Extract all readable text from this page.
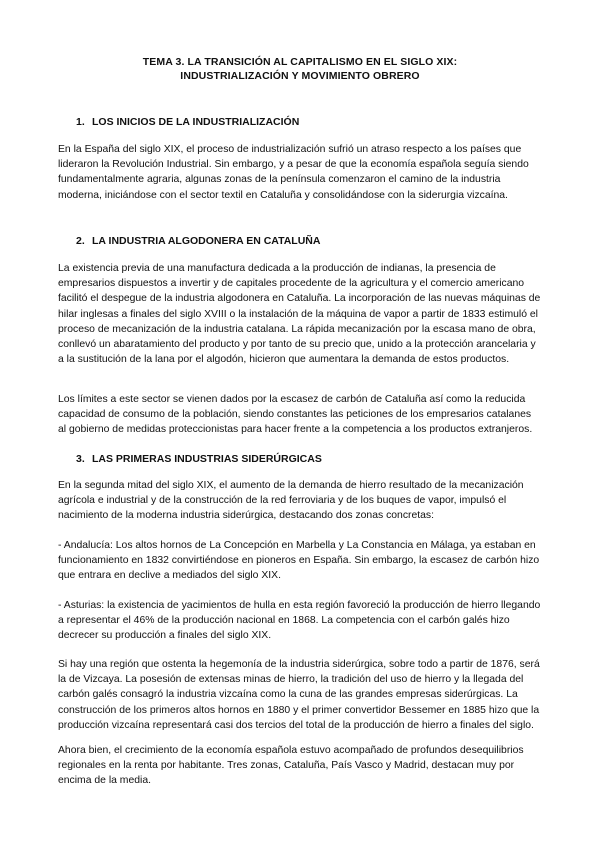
TEMA 3. LA TRANSICIÓN AL CAPITALISMO EN EL SIGLO XIX:
INDUSTRIALIZACIÓN Y MOVIMIENTO OBRERO
1. LOS INICIOS DE LA INDUSTRIALIZACIÓN

En la España del siglo XIX, el proceso de industrialización sufrió un atraso respecto a los países que lideraron la Revolución Industrial. Sin embargo, y a pesar de que la economía española seguía siendo fundamentalmente agraria, algunas zonas de la península comenzaron el camino de la industria moderna, iniciándose con el sector textil en Cataluña y consolidándose con la siderurgia vizcaína.

2. LA INDUSTRIA ALGODONERA EN CATALUÑA

La existencia previa de una manufactura dedicada a la producción de indianas, la presencia de empresarios dispuestos a invertir y de capitales procedente de la agricultura y el comercio americano facilitó el despegue de la industria algodonera en Cataluña. La incorporación de las nuevas máquinas de hilar inglesas a finales del siglo XVIII o la instalación de la máquina de vapor a partir de 1833 estimuló el proceso de mecanización de la industria catalana. La rápida mecanización por la escasa mano de obra, conllevó un abaratamiento del producto y por tanto de su precio que, unido a la protección arancelaria y a la sustitución de la lana por el algodón, hicieron que aumentara la demanda de estos productos.

Los límites a este sector se vienen dados por la escasez de carbón de Cataluña así como la reducida capacidad de consumo de la población, siendo constantes las peticiones de los empresarios catalanes al gobierno de medidas proteccionistas para hacer frente a la competencia a los productos extranjeros.

3. LAS PRIMERAS INDUSTRIAS SIDERÚRGICAS

En la segunda mitad del siglo XIX, el aumento de la demanda de hierro resultado de la mecanización agrícola e industrial y de la construcción de la red ferroviaria y de los buques de vapor, impulsó el nacimiento de la moderna industria siderúrgica, destacando dos zonas concretas:

- Andalucía: Los altos hornos de La Concepción en Marbella y La Constancia en Málaga, ya estaban en funcionamiento en 1832 convirtiéndose en pioneros en España. Sin embargo, la escasez de carbón hizo que entrara en declive a mediados del siglo XIX.

- Asturias: la existencia de yacimientos de hulla en esta región favoreció la producción de hierro llegando a representar el 46% de la producción nacional en 1868. La competencia con el carbón galés hizo decrecer su producción a finales del siglo XIX.

Si hay una región que ostenta la hegemonía de la industria siderúrgica, sobre todo a partir de 1876, será la de Vizcaya. La posesión de extensas minas de hierro, la tradición del uso de hierro y la llegada del carbón galés consagró la industria vizcaína como la cuna de las grandes empresas siderúrgicas. La construcción de los primeros altos hornos en 1880 y el primer convertidor Bessemer en 1885 hizo que la producción vizcaína representará casi dos tercios del total de la producción de hierro a finales del siglo.

Ahora bien, el crecimiento de la economía española estuvo acompañado de profundos desequilibrios regionales en la renta por habitante. Tres zonas, Cataluña, País Vasco y Madrid, destacan muy por encima de la media.
